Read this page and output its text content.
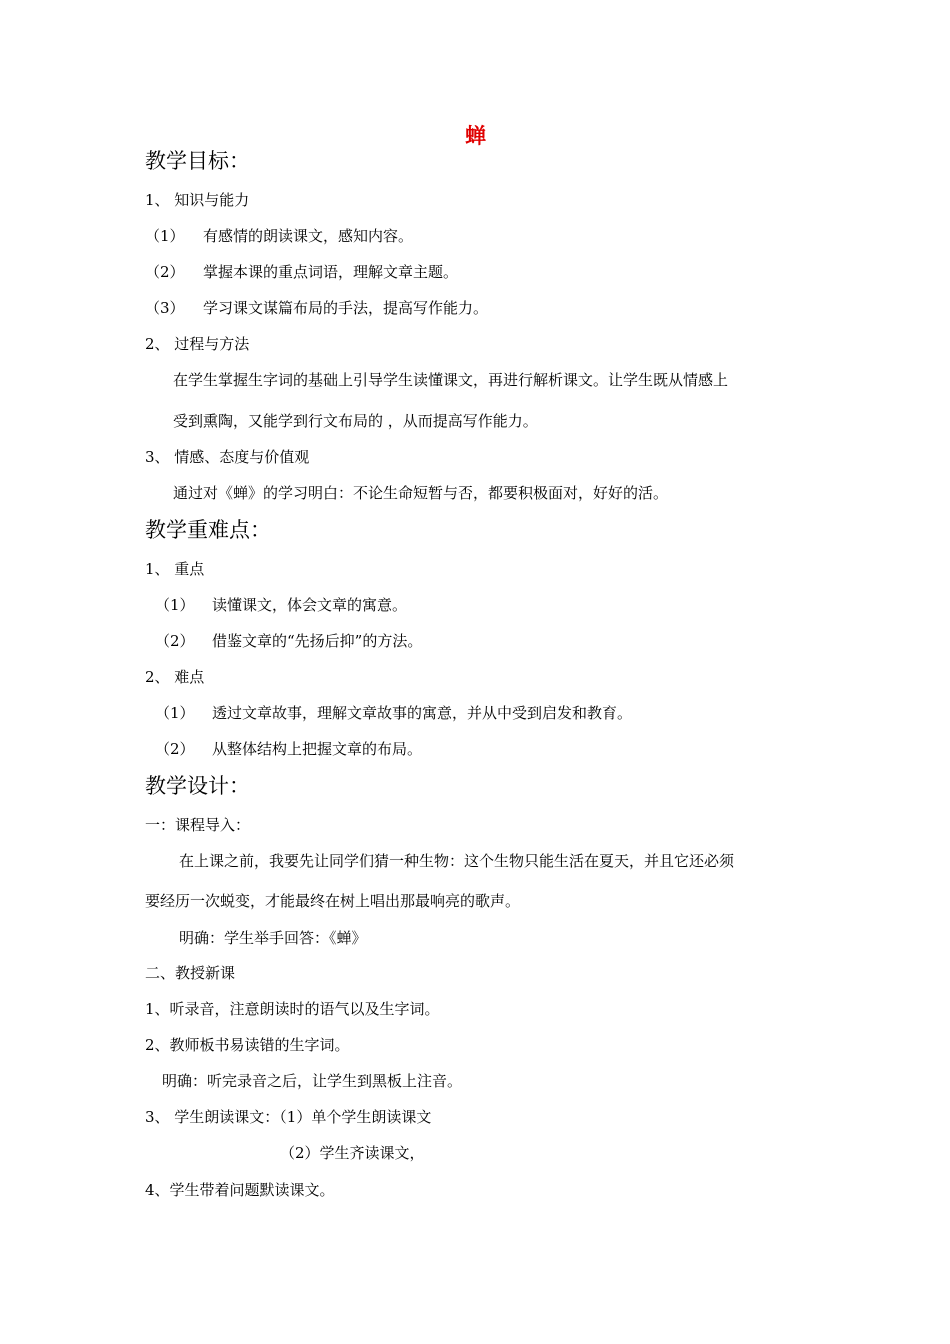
蝉
教学目标：
1、 知识与能力
（1） 有感情的朗读课文，感知内容。
（2） 掌握本课的重点词语，理解文章主题。
（3） 学习课文谋篇布局的手法，提高写作能力。
2、 过程与方法
在学生掌握生字词的基础上引导学生读懂课文，再进行解析课文。让学生既从情感上
受到熏陶，又能学到行文布局的 ，从而提高写作能力。
3、 情感、态度与价值观
通过对《蝉》的学习明白：不论生命短暂与否，都要积极面对，好好的活。
教学重难点：
1、 重点
（1） 读懂课文，体会文章的寓意。
（2） 借鉴文章的“先扬后抑”的方法。
2、 难点
（1） 透过文章故事，理解文章故事的寓意，并从中受到启发和教育。
（2） 从整体结构上把握文章的布局。
教学设计：
一：课程导入：
在上课之前，我要先让同学们猜一种生物：这个生物只能生活在夏天，并且它还必须
要经历一次蜕变，才能最终在树上唱出那最响亮的歌声。
明确：学生举手回答：《蝉》
二、教授新课
1、听录音，注意朗读时的语气以及生字词。
2、教师板书易读错的生字词。
明确：听完录音之后，让学生到黑板上注音。
3、 学生朗读课文：（1）单个学生朗读课文
（2）学生齐读课文，
4、学生带着问题默读课文。
